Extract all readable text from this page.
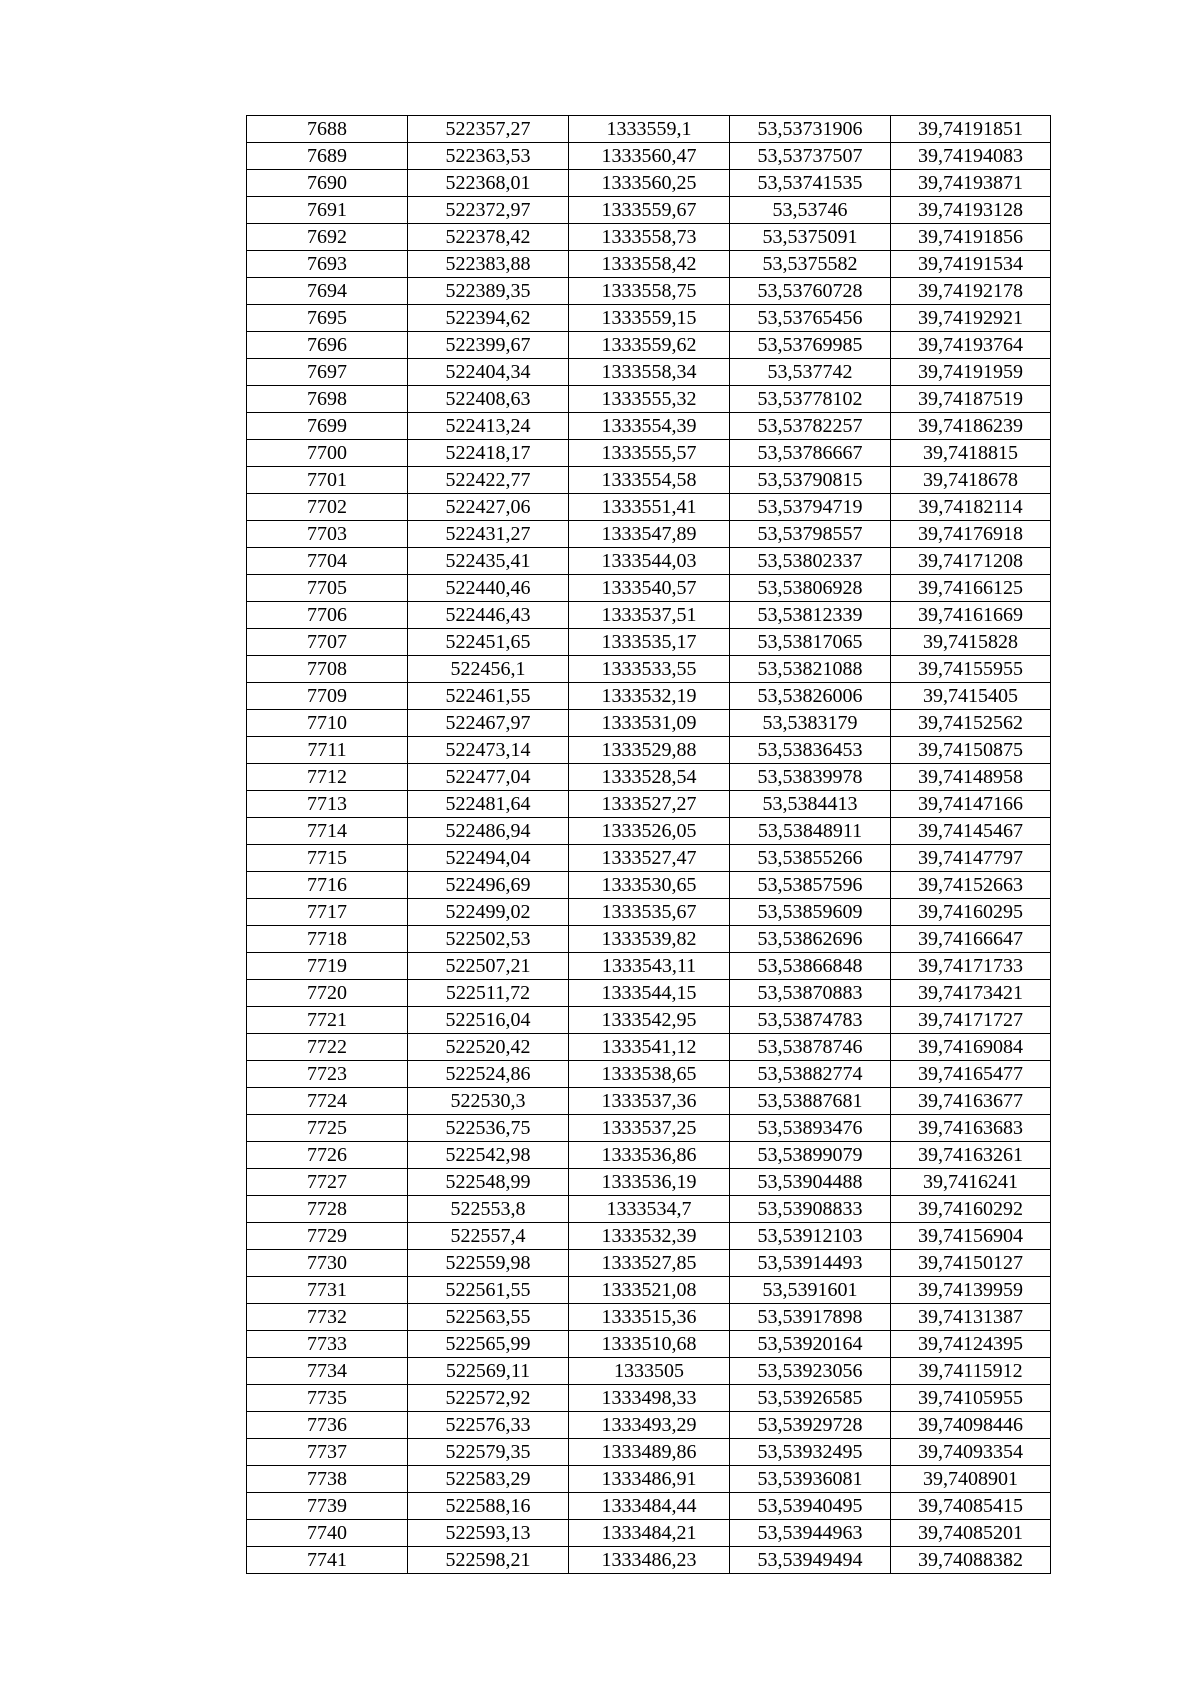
7688	522357,27	1333559,1	53,53731906	39,74191851
7689	522363,53	1333560,47	53,53737507	39,74194083
7690	522368,01	1333560,25	53,53741535	39,74193871
7691	522372,97	1333559,67	53,53746	39,74193128
7692	522378,42	1333558,73	53,5375091	39,74191856
7693	522383,88	1333558,42	53,5375582	39,74191534
7694	522389,35	1333558,75	53,53760728	39,74192178
7695	522394,62	1333559,15	53,53765456	39,74192921
7696	522399,67	1333559,62	53,53769985	39,74193764
7697	522404,34	1333558,34	53,537742	39,74191959
7698	522408,63	1333555,32	53,53778102	39,74187519
7699	522413,24	1333554,39	53,53782257	39,74186239
7700	522418,17	1333555,57	53,53786667	39,7418815
7701	522422,77	1333554,58	53,53790815	39,7418678
7702	522427,06	1333551,41	53,53794719	39,74182114
7703	522431,27	1333547,89	53,53798557	39,74176918
7704	522435,41	1333544,03	53,53802337	39,74171208
7705	522440,46	1333540,57	53,53806928	39,74166125
7706	522446,43	1333537,51	53,53812339	39,74161669
7707	522451,65	1333535,17	53,53817065	39,7415828
7708	522456,1	1333533,55	53,53821088	39,74155955
7709	522461,55	1333532,19	53,53826006	39,7415405
7710	522467,97	1333531,09	53,5383179	39,74152562
7711	522473,14	1333529,88	53,53836453	39,74150875
7712	522477,04	1333528,54	53,53839978	39,74148958
7713	522481,64	1333527,27	53,5384413	39,74147166
7714	522486,94	1333526,05	53,53848911	39,74145467
7715	522494,04	1333527,47	53,53855266	39,74147797
7716	522496,69	1333530,65	53,53857596	39,74152663
7717	522499,02	1333535,67	53,53859609	39,74160295
7718	522502,53	1333539,82	53,53862696	39,74166647
7719	522507,21	1333543,11	53,53866848	39,74171733
7720	522511,72	1333544,15	53,53870883	39,74173421
7721	522516,04	1333542,95	53,53874783	39,74171727
7722	522520,42	1333541,12	53,53878746	39,74169084
7723	522524,86	1333538,65	53,53882774	39,74165477
7724	522530,3	1333537,36	53,53887681	39,74163677
7725	522536,75	1333537,25	53,53893476	39,74163683
7726	522542,98	1333536,86	53,53899079	39,74163261
7727	522548,99	1333536,19	53,53904488	39,7416241
7728	522553,8	1333534,7	53,53908833	39,74160292
7729	522557,4	1333532,39	53,53912103	39,74156904
7730	522559,98	1333527,85	53,53914493	39,74150127
7731	522561,55	1333521,08	53,5391601	39,74139959
7732	522563,55	1333515,36	53,53917898	39,74131387
7733	522565,99	1333510,68	53,53920164	39,74124395
7734	522569,11	1333505	53,53923056	39,74115912
7735	522572,92	1333498,33	53,53926585	39,74105955
7736	522576,33	1333493,29	53,53929728	39,74098446
7737	522579,35	1333489,86	53,53932495	39,74093354
7738	522583,29	1333486,91	53,53936081	39,7408901
7739	522588,16	1333484,44	53,53940495	39,74085415
7740	522593,13	1333484,21	53,53944963	39,74085201
7741	522598,21	1333486,23	53,53949494	39,74088382
